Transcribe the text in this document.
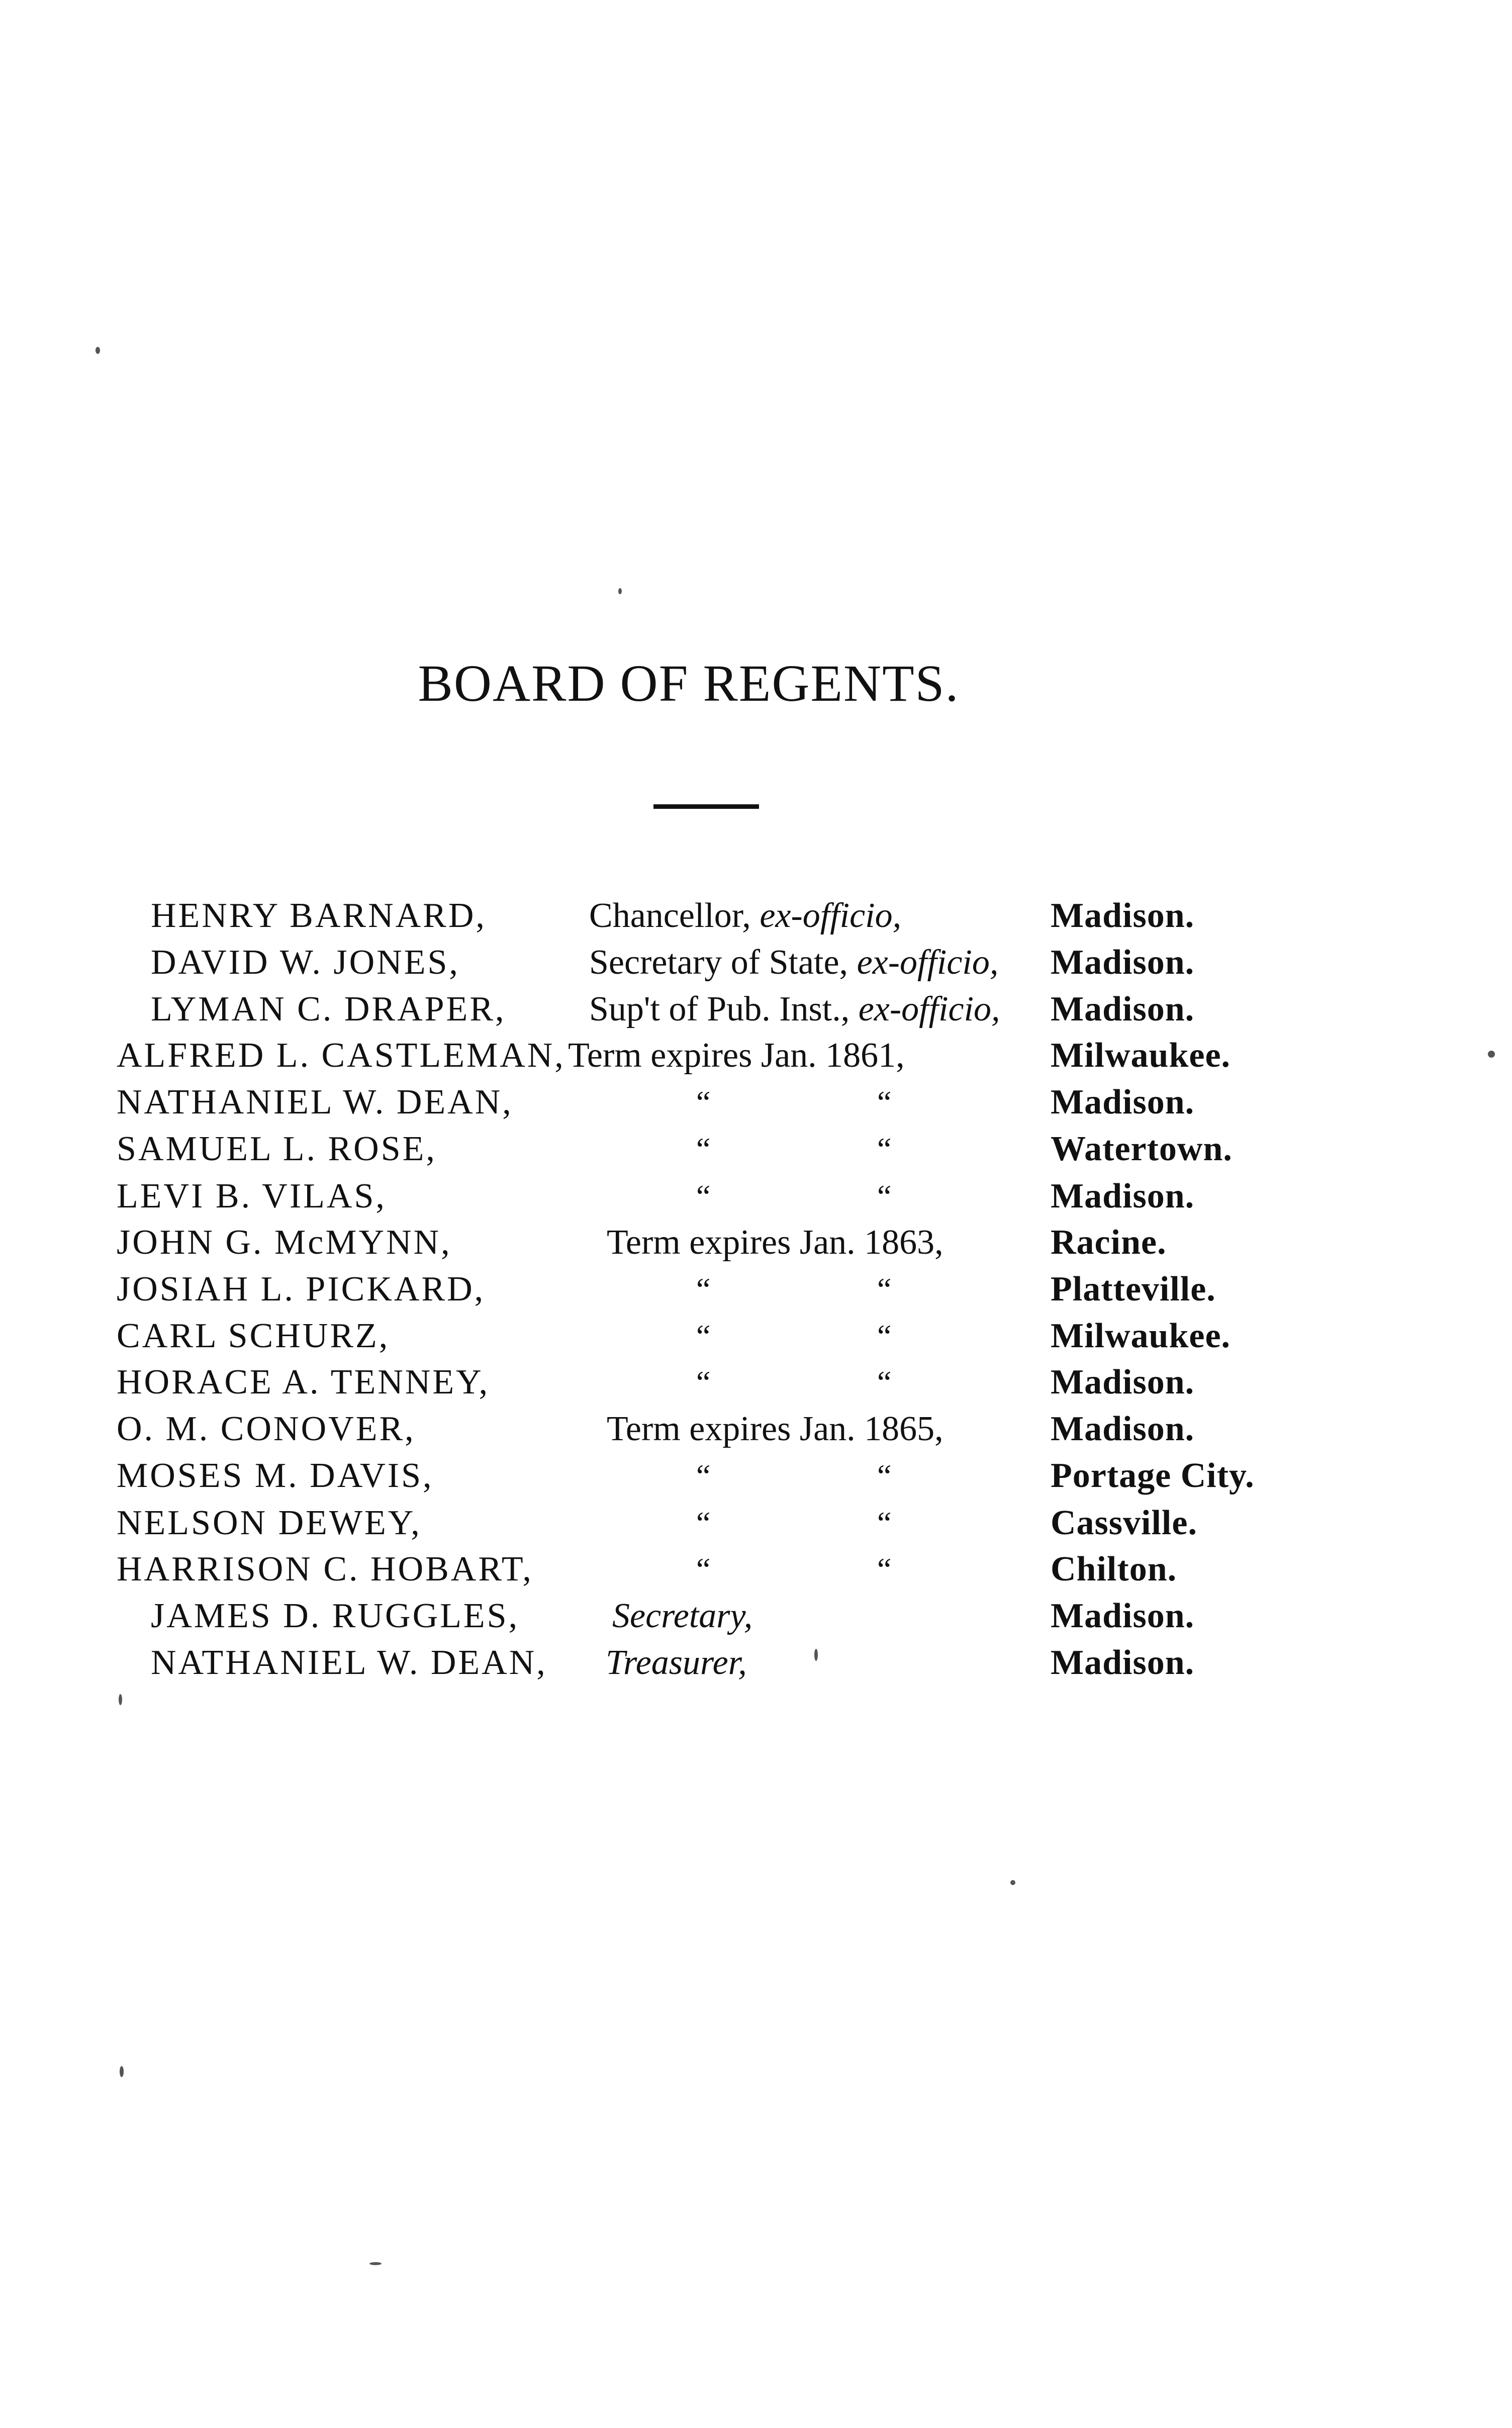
BOARD OF REGENTS.
HENRY BARNARD,	Chancellor, ex-officio,	Madison.
DAVID W. JONES,	Secretary of State, ex-officio, Madison.
LYMAN C. DRAPER, Sup't of Pub. Inst., ex-officio, Madison.
ALFRED L. CASTLEMAN, Term expires Jan. 1861,	Milwaukee.
NATHANIEL W. DEAN,	“	“	Madison.
SAMUEL L. ROSE,	“	“	Watertown.
LEVI B. VILAS,	“	“	Madison.
JOHN G. McMYNN,	Term expires Jan. 1863,	Racine.
JOSIAH L. PICKARD,	“	“	Platteville.
CARL SCHURZ,	“	“	Milwaukee.
HORACE A. TENNEY,	“	“	Madison.
O. M. CONOVER,	Term expires Jan. 1865,	Madison.
MOSES M. DAVIS,	“	“	Portage City.
NELSON DEWEY,	“	“	Cassville.
HARRISON C. HOBART,	“	“	Chilton.
JAMES D. RUGGLES,	Secretary,	Madison.
NATHANIEL W. DEAN, Treasurer,	Madison.
